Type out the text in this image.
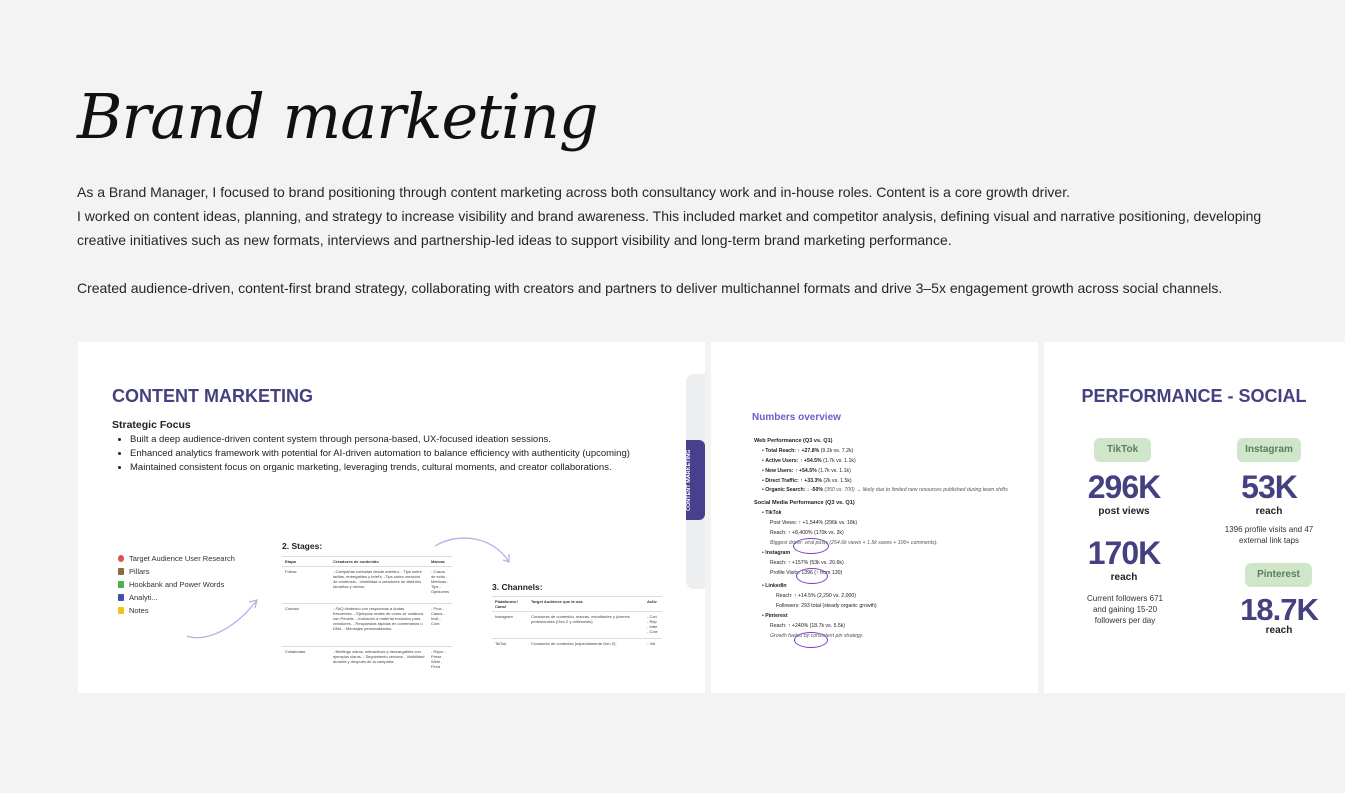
Brand marketing

As a Brand Manager, I focused to brand positioning through content marketing across both consultancy work and in-house roles. Content is a core growth driver.

I worked on content ideas, planning, and strategy to increase visibility and brand awareness. This included market and competitor analysis, defining visual and narrative positioning, developing creative initiatives such as new formats, interviews and partnership-led ideas to support visibility and long-term brand marketing performance.

Created audience-driven, content-first brand strategy, collaborating with creators and partners to deliver multichannel formats and drive 3–5x engagement growth across social channels.

CONTENT MARKETING
Strategic Focus
• Built a deep audience-driven content system through persona-based, UX-focused ideation sessions.
• Enhanced analytics framework with potential for AI-driven automation to balance efficiency with authenticity (upcoming)
• Maintained consistent focus on organic marketing, leveraging trends, cultural moments, and creator collaborations.	CONTENT MARKETING
Target Audience User Research
Pillars
Hookbank and Power Words
Analyti...
Notes
2. Stages:
Etapa	Creadores de contenido	Marcas
Follow	- Campañas contadas desde adentro. - Tips sobre tarifas, entregables y brief's. -Tips sobre creación de contenido. -Visibilidad a creadores de distintos tamaños y nichos.	- Casos de éxito - Métricas - Tips - Opiniones
Contact	- FAQ dinámico con respuestas a dudas frecuentes. - Ejemplos reales de cómo se colabora con Pencils. - Invitación a material exclusivo para creadores. - Respuestas rápidas en comentarios o DMs. - Mensajes personalizados.	- Proc - Casos - Invit - Cont
Collaborate	- Briefings claros, interactivos y descargables con ejemplos claros. - Seguimiento cercano - Visibilidad durante y después de la campaña.	- Repo - Prese - Webi - Feed
3. Channels:
Plataforma / Canal	Target Audience que la usa	Activ
Instagram	Creadores de contenido, marcas, estudiantes y jóvenes profesionales (Gen Z y millennials)	- Con - Rep - Inter - Cole
TikTok	Creadores de contenido (especialmente Gen Z),	- Vid
Numbers overview
Web Performance (Q3 vs. Q1)
• Total Reach: ↑ +27.8% (9.2k vs. 7.2k)
• Active Users: ↑ +54.5% (1.7k vs. 1.1k)
• New Users: ↑ +54.5% (1.7k vs. 1.1k)
• Direct Traffic: ↑ +33.3% (2k vs. 1.5k)
• Organic Search: ↓ -50% (350 vs. 700) → likely due to limited new resources published during team shifts
Social Media Performance (Q3 vs. Q1)
• TikTok
Post Views: ↑ +1,544% (296k vs. 18k)
Reach: ↑ +8,400% (170k vs. 2k)
Biggest driver: viral posts (254.6k views + 1.5k saves + 100+ comments).
• Instagram
Reach: ↑ +157% (53k vs. 20.6k)
Profile Visits: 1396 (↑ from 130)
• LinkedIn
Reach: ↑ +14.5% (2,290 vs. 2,000)
Followers: 293 total (steady organic growth)
• Pinterest
Reach: ↑ +240% (18.7k vs. 5.5k)
Growth fueled by consistent pin strategy.
PERFORMANCE - SOCIAL
TikTok
296K
post views
170K
reach
Current followers 671 and gaining 15-20 followers per day
Instagram
53K
reach
1396 profile visits and 47 external link taps
Pinterest
18.7K
reach
